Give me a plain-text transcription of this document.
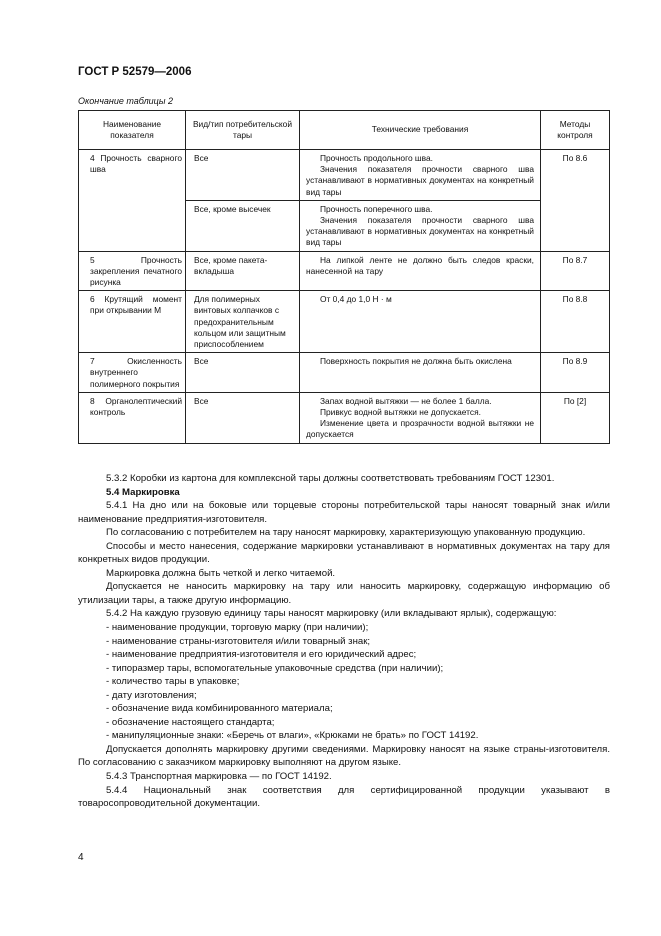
ГОСТ Р 52579—2006
Окончание таблицы 2
Наименование показателя	Вид/тип потребительской тары	Технические требования	Методы контроля

4 Прочность сварного шва	Все	Прочность продольного шва.
Значения показателя прочности сварного шва устанавливают в нормативных документах на конкретный вид тары	По 8.6
	Все, кроме высечек	Прочность поперечного шва.
Значения показателя прочности сварного шва устанавливают в нормативных документах на конкретный вид тары	

5 Прочность закрепления печатного рисунка	Все, кроме пакета-вкладыша	На липкой ленте не должно быть следов краски, нанесенной на тару	По 8.7

6 Крутящий момент при открывании М	Для полимерных винтовых колпачков с предохранительным кольцом или защитным приспособлением	От 0,4 до 1,0 Н · м	По 8.8

7 Окисленность внутреннего полимерного покрытия	Все	Поверхность покрытия не должна быть окислена	По 8.9

8 Органолептический контроль	Все	Запах водной вытяжки — не более 1 балла.
Привкус водной вытяжки не допускается.
Изменение цвета и прозрачности водной вытяжки не допускается	По [2]

5.3.2 Коробки из картона для комплексной тары должны соответствовать требованиям ГОСТ 12301.

5.4 Маркировка

5.4.1 На дно или на боковые или торцевые стороны потребительской тары наносят товарный знак и/или наименование предприятия-изготовителя.

По согласованию с потребителем на тару наносят маркировку, характеризующую упакованную продукцию.

Способы и место нанесения, содержание маркировки устанавливают в нормативных документах на тару для конкретных видов продукции.

Маркировка должна быть четкой и легко читаемой.

Допускается не наносить маркировку на тару или наносить маркировку, содержащую информацию об утилизации тары, а также другую информацию.

5.4.2 На каждую грузовую единицу тары наносят маркировку (или вкладывают ярлык), содержащую:

- наименование продукции, торговую марку (при наличии);
- наименование страны-изготовителя и/или товарный знак;
- наименование предприятия-изготовителя и его юридический адрес;
- типоразмер тары, вспомогательные упаковочные средства (при наличии);
- количество тары в упаковке;
- дату изготовления;
- обозначение вида комбинированного материала;
- обозначение настоящего стандарта;
- манипуляционные знаки: «Беречь от влаги», «Крюками не брать» по ГОСТ 14192.

Допускается дополнять маркировку другими сведениями. Маркировку наносят на языке страны-изготовителя. По согласованию с заказчиком маркировку выполняют на другом языке.

5.4.3 Транспортная маркировка — по ГОСТ 14192.

5.4.4 Национальный знак соответствия для сертифицированной продукции указывают в товаросопроводительной документации.

4
